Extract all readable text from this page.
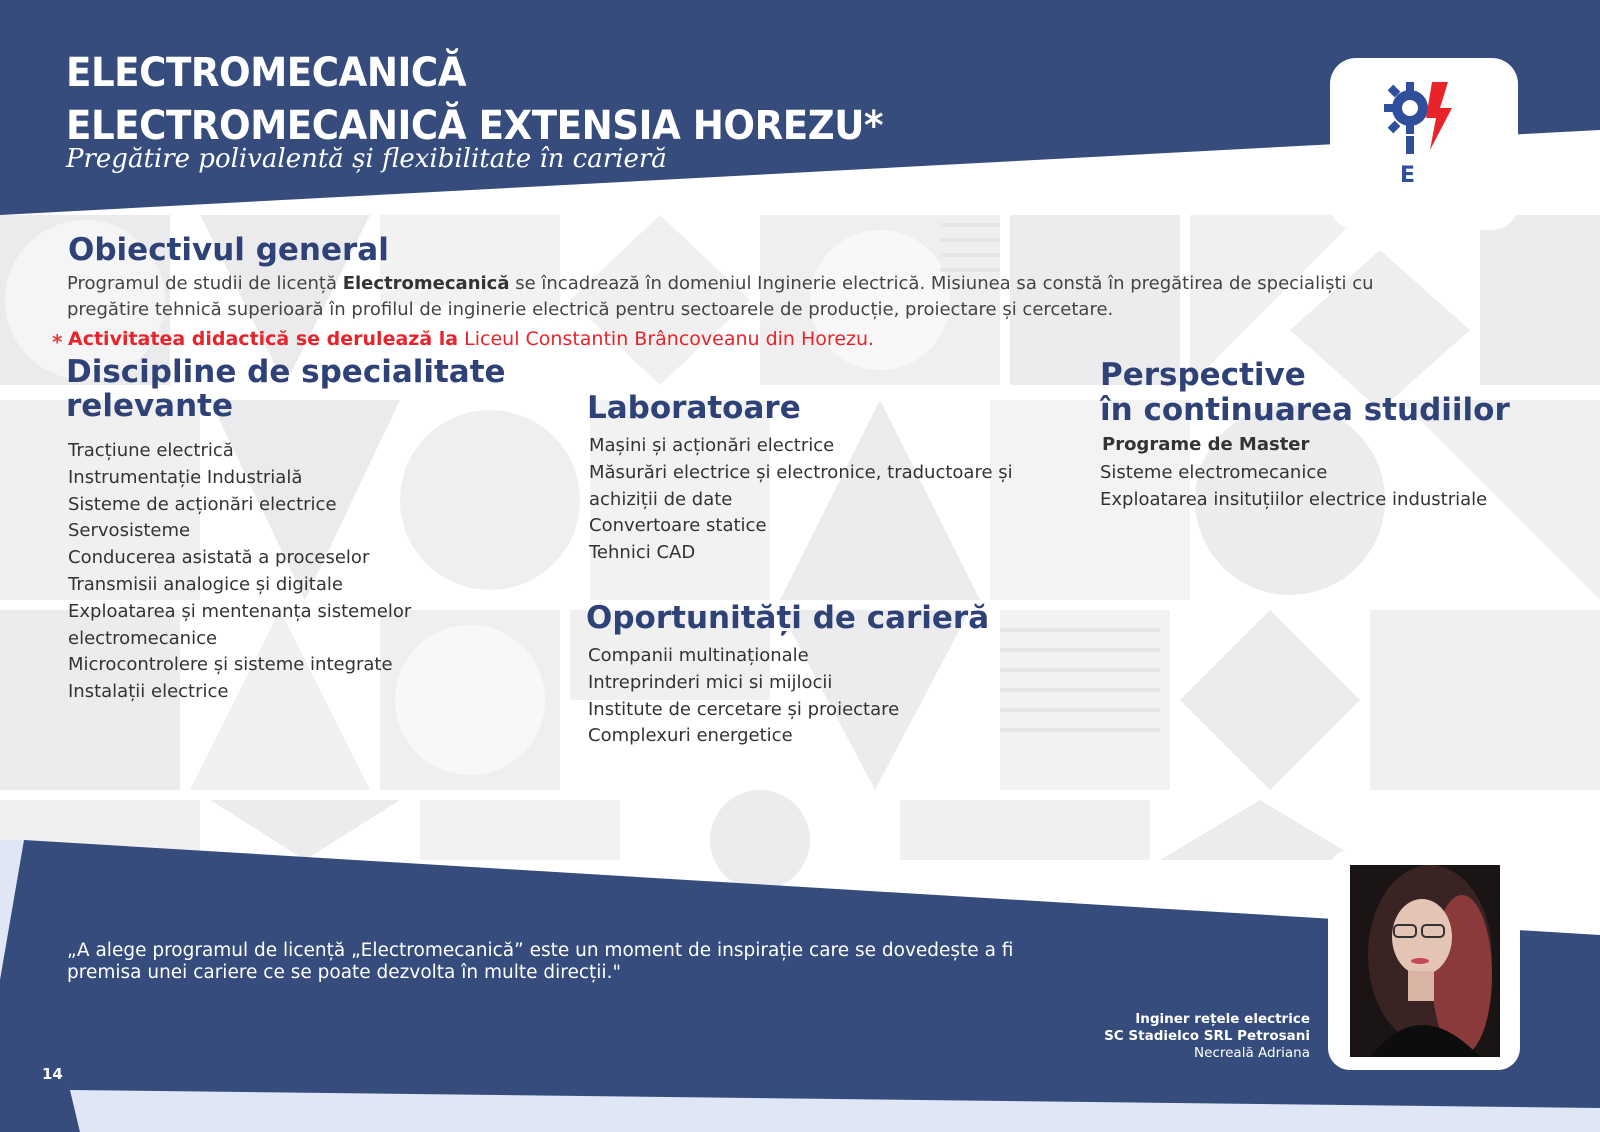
ELECTROMECANICĂ
ELECTROMECANICĂ EXTENSIA HOREZU*
Pregătire polivalentă și flexibilitate în carieră
E
Obiectivul general
Programul de studii de licență Electromecanică se încadrează în domeniul Inginerie electrică. Misiunea sa constă în pregătirea de specialiști cu
pregătire tehnică superioară în profilul de inginerie electrică pentru sectoarele de producție, proiectare și cercetare.
* Activitatea didactică se derulează la Liceul Constantin Brâncoveanu din Horezu.
Discipline de specialitate
relevante
Tracțiune electrică
Instrumentație Industrială
Sisteme de acționări electrice
Servosisteme
Conducerea asistată a proceselor
Transmisii analogice și digitale
Exploatarea și mentenanța sistemelor
electromecanice
Microcontrolere și sisteme integrate
Instalații electrice
Laboratoare
Mașini și acționări electrice
Măsurări electrice și electronice, traductoare și
achiziții de date
Convertoare statice
Tehnici CAD
Oportunități de carieră
Companii multinaționale
Intreprinderi mici si mijlocii
Institute de cercetare și proiectare
Complexuri energetice
Perspective
în continuarea studiilor
Programe de Master
Sisteme electromecanice
Exploatarea insituțiilor electrice industriale
„A alege programul de licență „Electromecanică” este un moment de inspirație care se dovedește a fi
premisa unei cariere ce se poate dezvolta în multe direcții."
Inginer rețele electrice
SC Stadielco SRL Petrosani
Necreală Adriana
14
